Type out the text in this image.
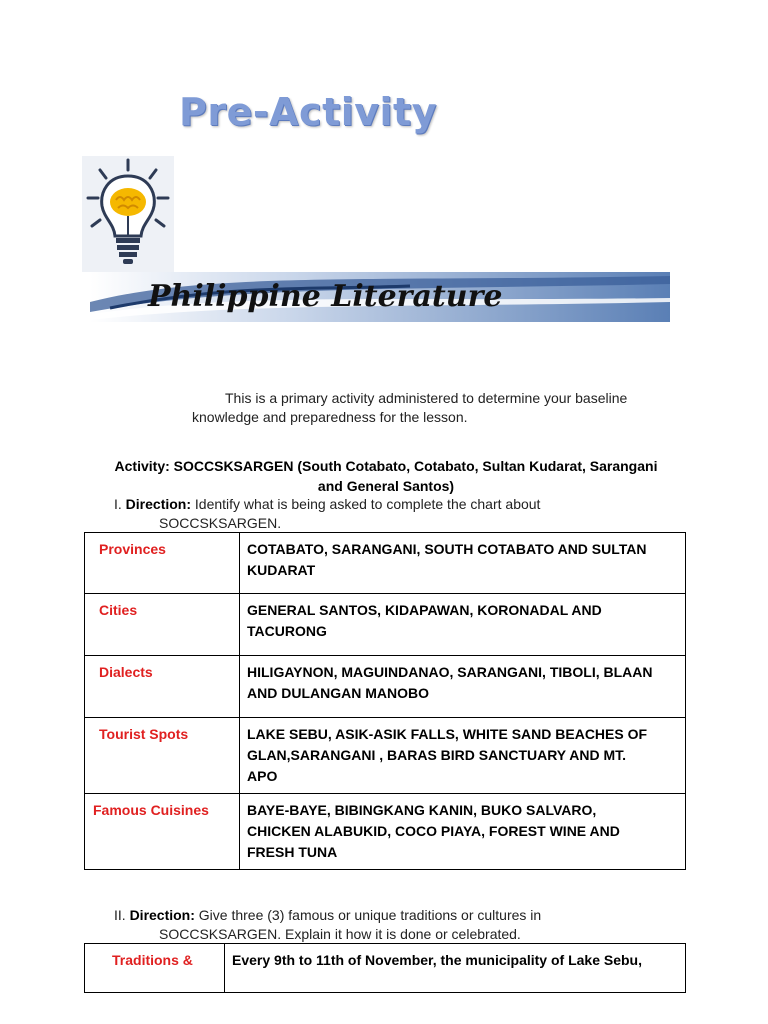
Pre-Activity
Philippine Literature
This is a primary activity administered to determine your baseline
knowledge and preparedness for the lesson.
Activity: SOCCSKSARGEN (South Cotabato, Cotabato, Sultan Kudarat, Sarangani
and General Santos)
I. Direction: Identify what is being asked to complete the chart about
SOCCSKSARGEN.
Provinces	COTABATO, SARANGANI, SOUTH COTABATO AND SULTAN
KUDARAT

Cities	GENERAL SANTOS, KIDAPAWAN, KORONADAL AND
TACURONG

Dialects	HILIGAYNON, MAGUINDANAO, SARANGANI, TIBOLI, BLAAN
AND DULANGAN MANOBO

Tourist Spots	LAKE SEBU, ASIK-ASIK FALLS, WHITE SAND BEACHES OF
GLAN,SARANGANI , BARAS BIRD SANCTUARY AND MT.
APO

Famous Cuisines	BAYE-BAYE, BIBINGKANG KANIN, BUKO SALVARO,
CHICKEN ALABUKID, COCO PIAYA, FOREST WINE AND
FRESH TUNA
II. Direction: Give three (3) famous or unique traditions or cultures in
SOCCSKSARGEN. Explain it how it is done or celebrated.
Traditions &	Every 9th to 11th of November, the municipality of Lake Sebu,
